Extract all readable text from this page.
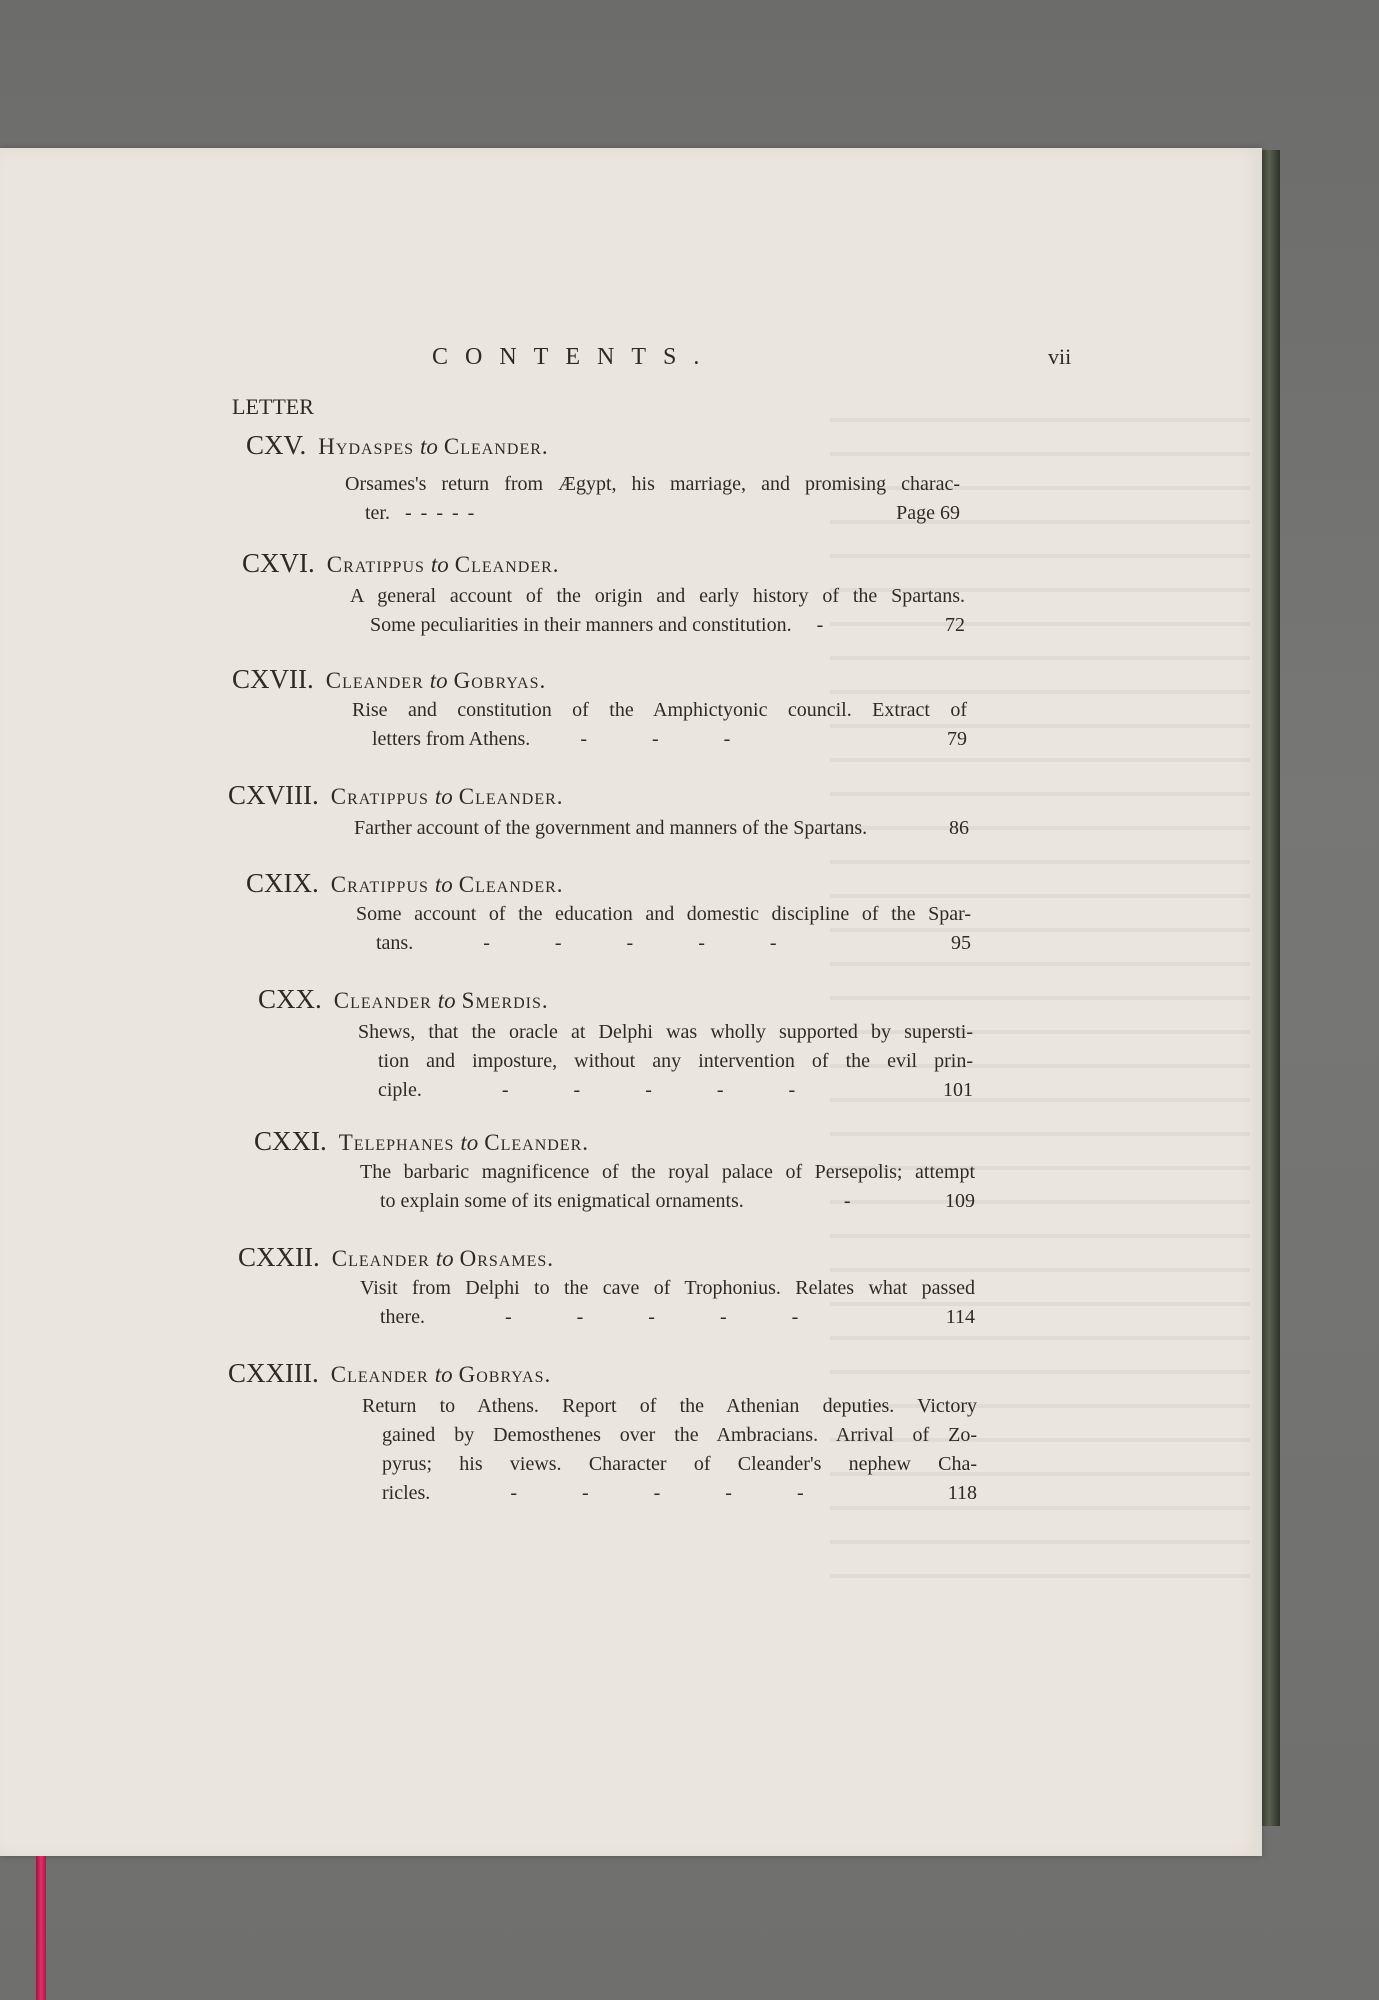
CONTENTS.	vii
LETTER
CXV. Hydaspes to Cleander.
Orsames's return from Ægypt, his marriage, and promising charac-
ter. - - - - -	Page 69
CXVI. Cratippus to Cleander.
A general account of the origin and early history of the Spartans.
Some peculiarities in their manners and constitution.     -	72
CXVII. Cleander to Gobryas.
Rise and constitution of the Amphictyonic council. Extract of
letters from Athens.	-         -         -	79
CXVIII. Cratippus to Cleander.
Farther account of the government and manners of the Spartans.	86
CXIX. Cratippus to Cleander.
Some account of the education and domestic discipline of the Spar-
tans.	-         -         -         -         -	95
CXX. Cleander to Smerdis.
Shews, that the oracle at Delphi was wholly supported by supersti-
tion and imposture, without any intervention of the evil prin-
ciple.	-         -         -         -         -	101
CXXI. Telephanes to Cleander.
The barbaric magnificence of the royal palace of Persepolis; attempt
to explain some of its enigmatical ornaments.                    -	109
CXXII. Cleander to Orsames.
Visit from Delphi to the cave of Trophonius. Relates what passed
there.	-         -         -         -         -	114
CXXIII. Cleander to Gobryas.
Return to Athens. Report of the Athenian deputies. Victory
gained by Demosthenes over the Ambracians. Arrival of Zo-
pyrus; his views. Character of Cleander's nephew Cha-
ricles.	-         -         -         -         -	118
